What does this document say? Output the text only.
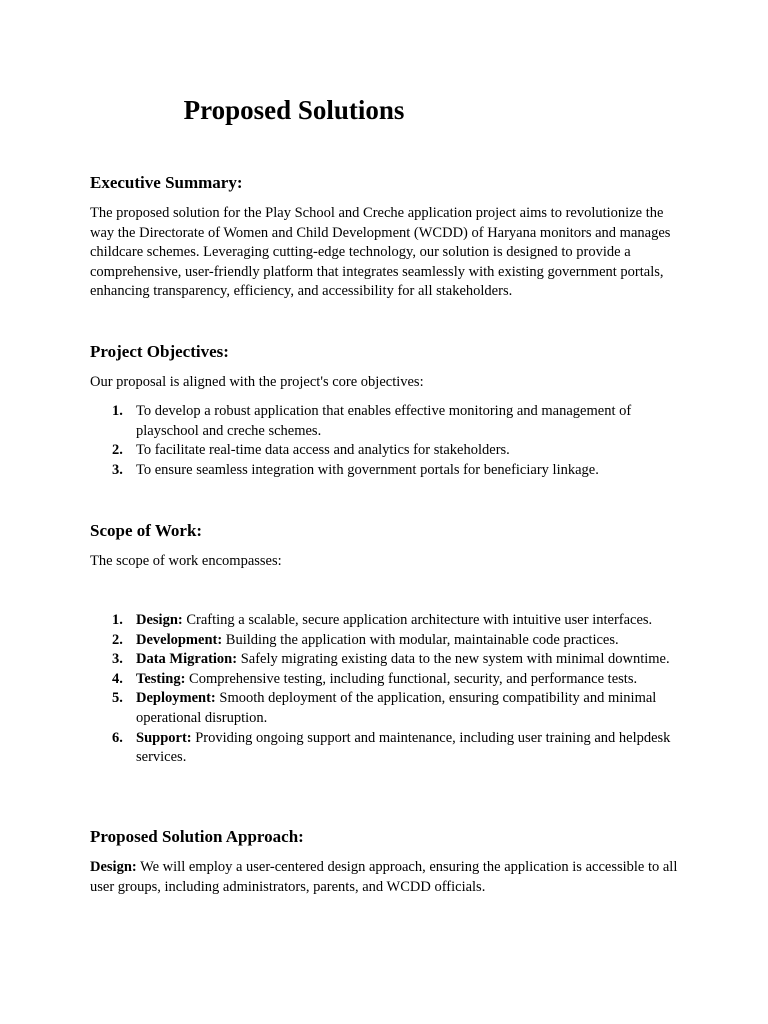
Proposed Solutions
Executive Summary:

The proposed solution for the Play School and Creche application project aims to revolutionize the way the Directorate of Women and Child Development (WCDD) of Haryana monitors and manages childcare schemes. Leveraging cutting-edge technology, our solution is designed to provide a comprehensive, user-friendly platform that integrates seamlessly with existing government portals, enhancing transparency, efficiency, and accessibility for all stakeholders.

Project Objectives:

Our proposal is aligned with the project's core objectives:

1. To develop a robust application that enables effective monitoring and management of playschool and creche schemes.
2. To facilitate real-time data access and analytics for stakeholders.
3. To ensure seamless integration with government portals for beneficiary linkage.
Scope of Work:

The scope of work encompasses:

1. Design: Crafting a scalable, secure application architecture with intuitive user interfaces.
2. Development: Building the application with modular, maintainable code practices.
3. Data Migration: Safely migrating existing data to the new system with minimal downtime.
4. Testing: Comprehensive testing, including functional, security, and performance tests.
5. Deployment: Smooth deployment of the application, ensuring compatibility and minimal operational disruption.
6. Support: Providing ongoing support and maintenance, including user training and helpdesk services.
Proposed Solution Approach:

Design: We will employ a user-centered design approach, ensuring the application is accessible to all user groups, including administrators, parents, and WCDD officials.
